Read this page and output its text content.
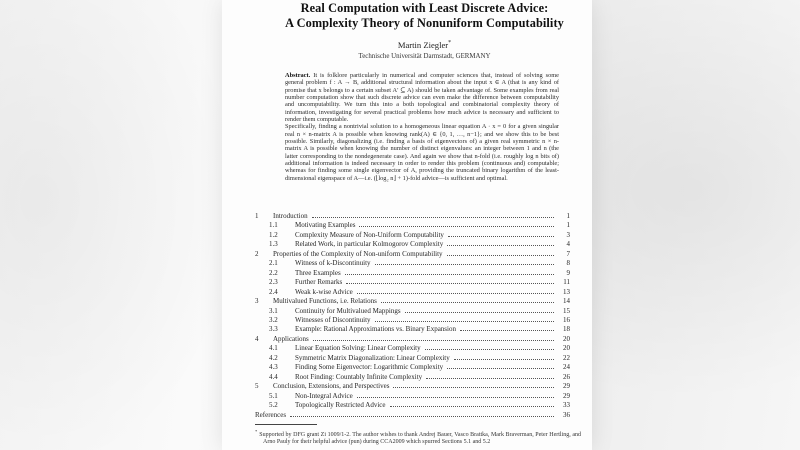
Real Computation with Least Discrete Advice:
A Complexity Theory of Nonuniform Computability
Martin Ziegler*
Technische Universität Darmstadt, GERMANY

Abstract. It is folklore particularly in numerical and computer sciences that, instead of solving some general problem f : A → B, additional structural information about the input x ∈ A (that is any kind of promise that x belongs to a certain subset A′ ⊆ A) should be taken advantage of. Some examples from real number computation show that such discrete advice can even make the difference between computability and uncomputability. We turn this into a both topological and combinatorial complexity theory of information, investigating for several practical problems how much advice is necessary and sufficient to render them computable.

Specifically, finding a nontrivial solution to a homogeneous linear equation A · x = 0 for a given singular real n × n-matrix A is possible when knowing rank(A) ∈ {0, 1, …, n−1}; and we show this to be best possible. Similarly, diagonalizing (i.e. finding a basis of eigenvectors of) a given real symmetric n × n-matrix A is possible when knowing the number of distinct eigenvalues: an integer between 1 and n (the latter corresponding to the nondegenerate case). And again we show that n-fold (i.e. roughly log n bits of) additional information is indeed necessary in order to render this problem (continuous and) computable; whereas for finding some single eigenvector of A, providing the truncated binary logarithm of the least-dimensional eigenspace of A—i.e. (⌊log₂ n⌋ + 1)-fold advice—is sufficient and optimal.

1	Introduction	1
1.1	Motivating Examples	1
1.2	Complexity Measure of Non-Uniform Computability	3
1.3	Related Work, in particular Kolmogorov Complexity	4
2	Properties of the Complexity of Non-uniform Computability	7
2.1	Witness of k-Discontinuity	8
2.2	Three Examples	9
2.3	Further Remarks	11
2.4	Weak k-wise Advice	13
3	Multivalued Functions, i.e. Relations	14
3.1	Continuity for Multivalued Mappings	15
3.2	Witnesses of Discontinuity	16
3.3	Example: Rational Approximations vs. Binary Expansion	18
4	Applications	20
4.1	Linear Equation Solving: Linear Complexity	20
4.2	Symmetric Matrix Diagonalization: Linear Complexity	22
4.3	Finding Some Eigenvector: Logarithmic Complexity	24
4.4	Root Finding: Countably Infinite Complexity	26
5	Conclusion, Extensions, and Perspectives	29
5.1	Non-Integral Advice	29
5.2	Topologically Restricted Advice	33
References	36
*Supported by DFG grant Zi 1009/1-2. The author wishes to thank Andrej Bauer, Vasco Brattka, Mark Braverman, Peter Hertling, and Arno Pauly for their helpful advice (pun) during CCA2009 which spurred Sections 5.1 and 5.2
